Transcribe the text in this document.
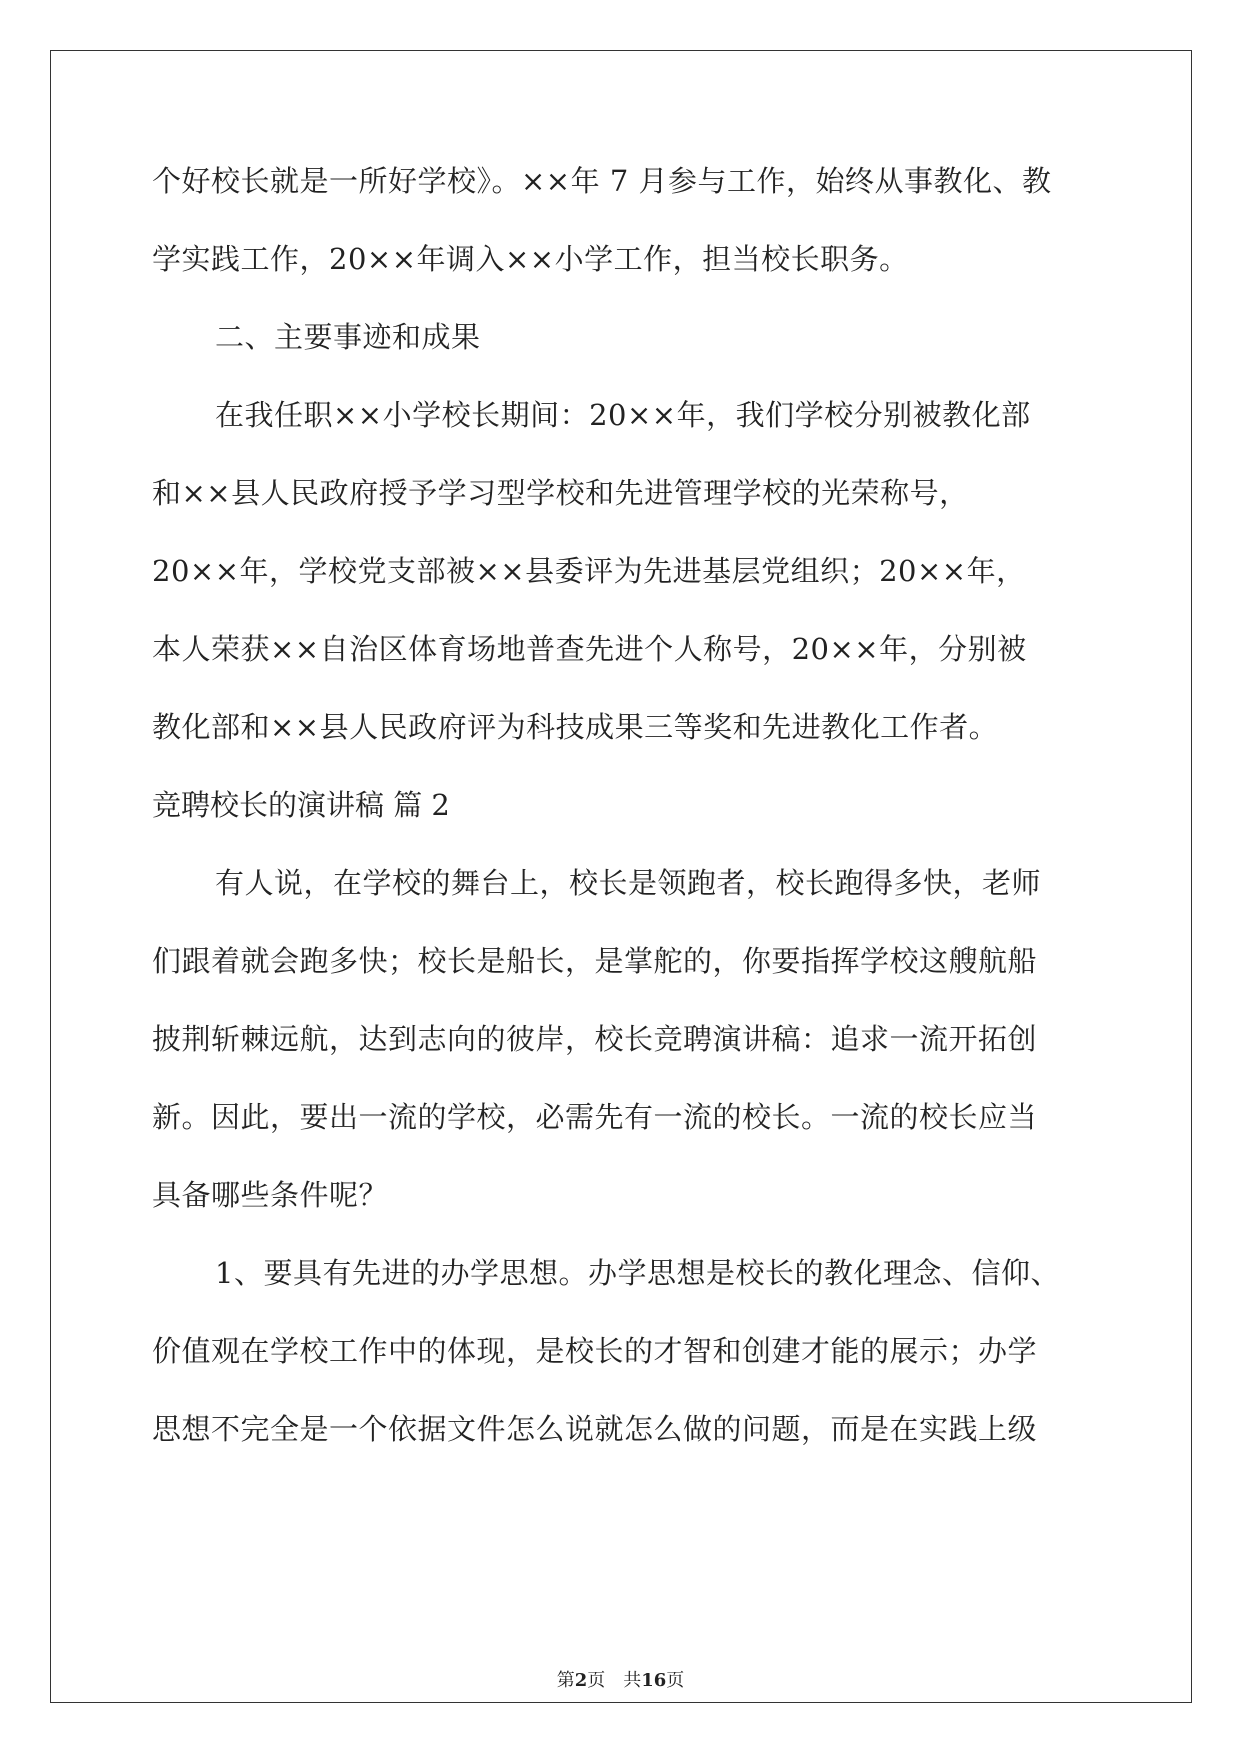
个好校长就是一所好学校》。××年 7 月参与工作，始终从事教化、教
学实践工作，20××年调入××小学工作，担当校长职务。
二、主要事迹和成果
在我任职××小学校长期间：20××年，我们学校分别被教化部
和××县人民政府授予学习型学校和先进管理学校的光荣称号，
20××年，学校党支部被××县委评为先进基层党组织；20××年，
本人荣获××自治区体育场地普查先进个人称号，20××年，分别被
教化部和××县人民政府评为科技成果三等奖和先进教化工作者。
竞聘校长的演讲稿 篇 2
有人说，在学校的舞台上，校长是领跑者，校长跑得多快，老师
们跟着就会跑多快；校长是船长，是掌舵的，你要指挥学校这艘航船
披荆斩棘远航，达到志向的彼岸，校长竞聘演讲稿：追求一流开拓创
新。因此，要出一流的学校，必需先有一流的校长。一流的校长应当
具备哪些条件呢？
1、要具有先进的办学思想。办学思想是校长的教化理念、信仰、
价值观在学校工作中的体现，是校长的才智和创建才能的展示；办学
思想不完全是一个依据文件怎么说就怎么做的问题，而是在实践上级
第2页　共16页
